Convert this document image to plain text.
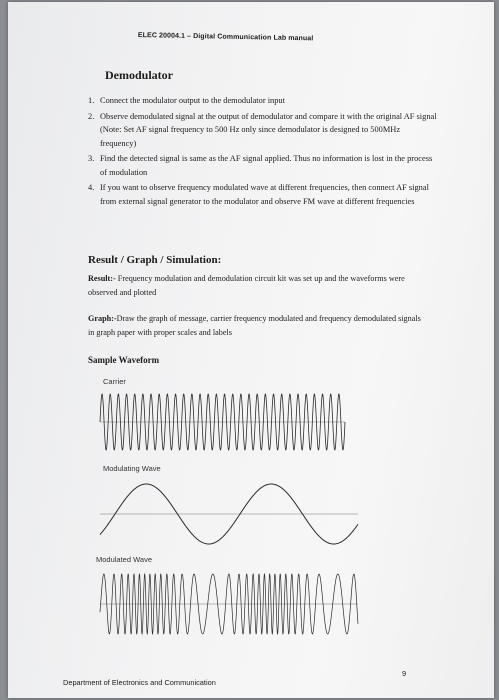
ELEC 20004.1 – Digital Communication Lab manual
Demodulator
1. Connect the modulator output to the demodulator input
2. Observe demodulated signal at the output of demodulator and compare it with the original AF signal (Note: Set AF signal frequency to 500 Hz only since demodulator is designed to 500MHz frequency)
3. Find the detected signal is same as the AF signal applied. Thus no information is lost in the process of modulation
4. If you want to observe frequency modulated wave at different frequencies, then connect AF signal from external signal generator to the modulator and observe FM wave at different frequencies
Result / Graph / Simulation:
Result:- Frequency modulation and demodulation circuit kit was set up and the waveforms were observed and plotted
Graph:-Draw the graph of message, carrier frequency modulated and frequency demodulated signals in graph paper with proper scales and labels
Sample Waveform
Carrier
Modulating Wave
Modulated Wave
Department of Electronics and Communication
9
